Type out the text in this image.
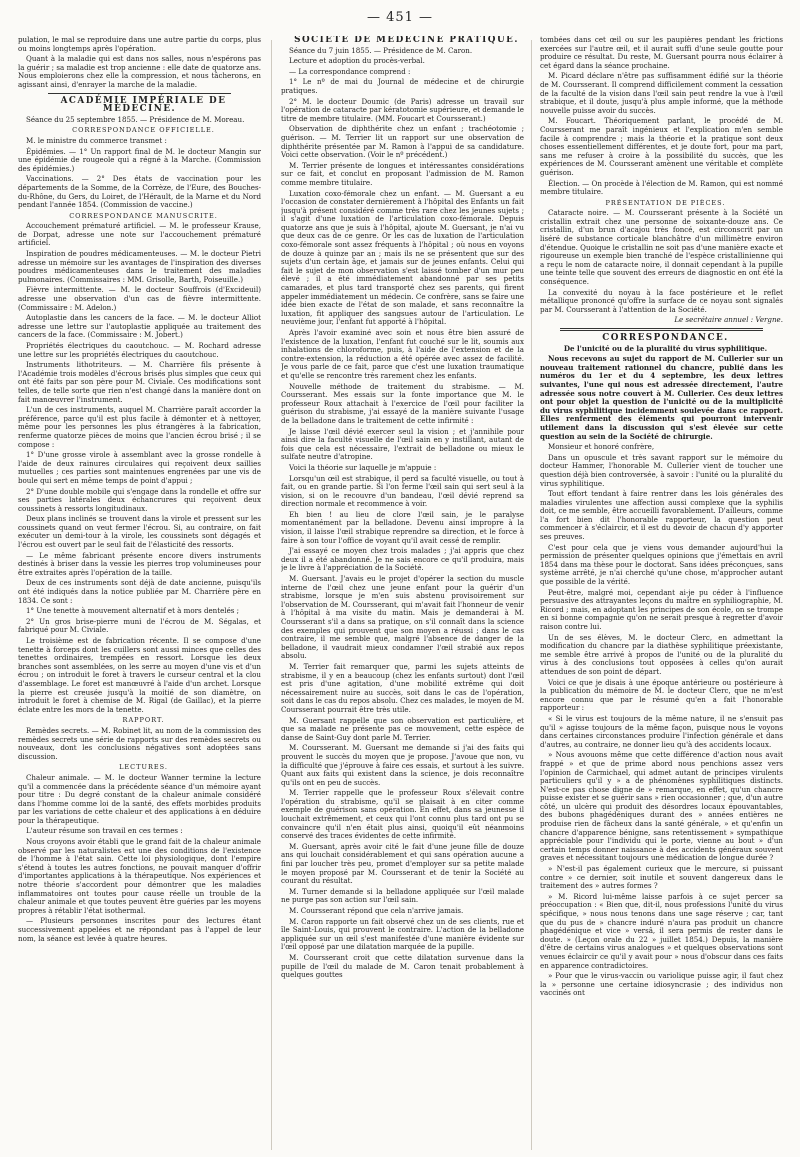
— 451 —

pulation, le mal se reproduire dans une autre partie du corps, plus ou moins longtemps après l'opération.

Quant à la maladie qui est dans nos salles, nous n'espérons pas la guérir ; sa maladie est trop ancienne : elle date de quatorze ans. Nous emploierons chez elle la compression, et nous tâcherons, en agissant ainsi, d'enrayer la marche de la maladie.

ACADÉMIE IMPÉRIALE DE MÉDECINE.

Séance du 25 septembre 1855. — Présidence de M. Moreau.

CORRESPONDANCE OFFICIELLE.

M. le ministre du commerce transmet :

Épidémies. — 1° Un rapport final de M. le docteur Mangin sur une épidémie de rougeole qui a régné à la Marche. (Commission des épidémies.)

Vaccinations. — 2° Des états de vaccination pour les départements de la Somme, de la Corrèze, de l'Eure, des Bouches-du-Rhône, du Gers, du Loiret, de l'Hérault, de la Marne et du Nord pendant l'année 1854. (Commission de vaccine.)

CORRESPONDANCE MANUSCRITE.

Accouchement prématuré artificiel. — M. le professeur Krause, de Dorpat, adresse une note sur l'accouchement prématuré artificiel.

Inspiration de poudres médicamenteuses. — M. le docteur Pietri adresse un mémoire sur les avantages de l'inspiration des diverses poudres médicamenteuses dans le traitement des maladies pulmonaires. (Commissaires : MM. Grisolle, Barth, Poiseuille.)

Fièvre intermittente. — M. le docteur Souffrois (d'Excideuil) adresse une observation d'un cas de fièvre intermittente. (Commissaire : M. Adelon.)

Autoplastie dans les cancers de la face. — M. le docteur Alliot adresse une lettre sur l'autoplastie appliquée au traitement des cancers de la face. (Commissaire : M. Jobert.)

Propriétés électriques du caoutchouc. — M. Rochard adresse une lettre sur les propriétés électriques du caoutchouc.

Instruments lithotriteurs. — M. Charrière fils présente à l'Académie trois modèles d'écrous brisés plus simples que ceux qui ont été faits par son père pour M. Civiale. Ces modifications sont telles, de telle sorte que rien n'est changé dans la manière dont on fait manœuvrer l'instrument.

L'un de ces instruments, auquel M. Charrière paraît accorder la préférence, parce qu'il est plus facile à démonter et à nettoyer, même pour les personnes les plus étrangères à la fabrication, renferme quatorze pièces de moins que l'ancien écrou brisé ; il se compose :

1° D'une grosse virole à assemblant avec la grosse rondelle à l'aide de deux rainures circulaires qui reçoivent deux saillies mutuelles ; ces parties sont maintenues engrenées par une vis de boule qui sert en même temps de point d'appui ;

2° D'une double mobile qui s'engage dans la rondelle et offre sur ses parties latérales deux échancrures qui reçoivent deux coussinets à ressorts longitudinaux.

Deux plans inclinés se trouvent dans la virole et pressent sur les coussinets quand on veut fermer l'écrou. Si, au contraire, on fait exécuter un demi-tour à la virole, les coussinets sont dégagés et l'écrou est ouvert par le seul fait de l'élasticité des ressorts.

— Le même fabricant présente encore divers instruments destinés à briser dans la vessie les pierres trop volumineuses pour être extraites après l'opération de la taille.

Deux de ces instruments sont déjà de date ancienne, puisqu'ils ont été indiqués dans la notice publiée par M. Charrière père en 1834. Ce sont :

1° Une tenette à mouvement alternatif et à mors dentelés ;

2° Un gros brise-pierre muni de l'écrou de M. Ségalas, et fabriqué pour M. Civiale.

Le troisième est de fabrication récente. Il se compose d'une tenette à forceps dont les cuillers sont aussi minces que celles des tenettes ordinaires, trempées en ressort. Lorsque les deux branches sont assemblées, on les serre au moyen d'une vis et d'un écrou ; on introduit le foret à travers le curseur central et la clou d'assemblage. Le foret est manœuvré à l'aide d'un archet. Lorsque la pierre est creusée jusqu'à la moitié de son diamètre, on introduit le foret à chemise de M. Rigal (de Gaillac), et la pierre éclate entre les mors de la tenette.

RAPPORT.

Remèdes secrets. — M. Robinet lit, au nom de la commission des remèdes secrets une série de rapports sur des remèdes secrets ou nouveaux, dont les conclusions négatives sont adoptées sans discussion.

LECTURES.

Chaleur animale. — M. le docteur Wanner termine la lecture qu'il a commencée dans la précédente séance d'un mémoire ayant pour titre : Du degré constant de la chaleur animale considéré dans l'homme comme loi de la santé, des effets morbides produits par les variations de cette chaleur et des applications à en déduire pour la thérapeutique.

L'auteur résume son travail en ces termes :

Nous croyons avoir établi que le grand fait de la chaleur animale observé par les naturalistes est une des conditions de l'existence de l'homme à l'état sain. Cette loi physiologique, dont l'empire s'étend à toutes les autres fonctions, ne pouvait manquer d'offrir d'importantes applications à la thérapeutique. Nos expériences et notre théorie s'accordent pour démontrer que les maladies inflammatoires ont toutes pour cause réelle un trouble de la chaleur animale et que toutes peuvent être guéries par les moyens propres à rétablir l'état isothermal.

— Plusieurs personnes inscrites pour des lectures étant successivement appelées et ne répondant pas à l'appel de leur nom, la séance est levée à quatre heures.

SOCIÉTÉ DE MÉDECINE PRATIQUE.

Séance du 7 juin 1855. — Présidence de M. Caron.

Lecture et adoption du procès-verbal.

— La correspondance comprend :

1° Le nº de mai du Journal de médecine et de chirurgie pratiques.

2° M. le docteur Doumic (de Paris) adresse un travail sur l'opération de cataracte par kératotomie supérieure, et demande le titre de membre titulaire. (MM. Foucart et Coursserant.)

Observation de diphthérite chez un enfant ; trachéotomie ; guérison. — M. Terrier lit un rapport sur une observation de diphthérite présentée par M. Ramon à l'appui de sa candidature. Voici cette observation. (Voir le nº précédent.)

M. Terrier présente de longues et intéressantes considérations sur ce fait, et conclut en proposant l'admission de M. Ramon comme membre titulaire.

Luxation coxo-fémorale chez un enfant. — M. Guersant a eu l'occasion de constater dernièrement à l'hôpital des Enfants un fait jusqu'à présent considéré comme très rare chez les jeunes sujets ; il s'agit d'une luxation de l'articulation coxo-fémorale. Depuis quatorze ans que je suis à l'hôpital, ajoute M. Guersant, je n'ai vu que deux cas de ce genre. Or les cas de luxation de l'articulation coxo-fémorale sont assez fréquents à l'hôpital ; où nous en voyons de douze à quinze par an ; mais ils ne se présentent que sur des sujets d'un certain âge, et jamais sur de jeunes enfants. Celui qui fait le sujet de mon observation s'est laissé tomber d'un mur peu élevé ; il a été immédiatement abandonné par ses petits camarades, et plus tard transporté chez ses parents, qui firent appeler immédiatement un médecin. Ce confrère, sans se faire une idée bien exacte de l'état de son malade, et sans reconnaître la luxation, fit appliquer des sangsues autour de l'articulation. Le neuvième jour, l'enfant fut apporté à l'hôpital.

Après l'avoir examiné avec soin et nous être bien assuré de l'existence de la luxation, l'enfant fut couché sur le lit, soumis aux inhalations de chloroforme, puis, à l'aide de l'extension et de la contre-extension, la réduction a été opérée avec assez de facilité. Je vous parle de ce fait, parce que c'est une luxation traumatique et qu'elle se rencontre très rarement chez les enfants.

Nouvelle méthode de traitement du strabisme. — M. Coursserant. Mes essais sur la fonte importance que M. le professeur Roux attachait à l'exercice de l'œil pour faciliter la guérison du strabisme, j'ai essayé de la manière suivante l'usage de la belladone dans le traitement de cette infirmité :

Je laisse l'œil dévié exercer seul la vision ; et j'annihile pour ainsi dire la faculté visuelle de l'œil sain en y instillant, autant de fois que cela est nécessaire, l'extrait de belladone ou mieux le sulfate neutre d'atropine.

Voici la théorie sur laquelle je m'appuie :

Lorsqu'un œil est strabique, il perd sa faculté visuelle, ou tout à fait, ou en grande partie. Si l'on ferme l'œil sain qui sert seul à la vision, si on le recouvre d'un bandeau, l'œil dévié reprend sa direction normale et recommence à voir.

Eh bien ! au lieu de clore l'œil sain, je le paralyse momentanément par la belladone. Devenu ainsi impropre à la vision, il laisse l'œil strabique reprendre sa direction, et le force à faire à son tour l'office de voyant qu'il avait cessé de remplir.

J'ai essayé ce moyen chez trois malades ; j'ai appris que chez deux il a été abandonné. Je ne sais encore ce qu'il produira, mais je le livre à l'appréciation de la Société.

M. Guersant. J'avais eu le projet d'opérer la section du muscle interne de l'œil chez une jeune enfant pour la guérir d'un strabisme, lorsque je m'en suis abstenu provisoirement sur l'observation de M. Coursserant, qui m'avait fait l'honneur de venir à l'hôpital à ma visite du matin. Mais je demanderai à M. Coursserant s'il a dans sa pratique, on s'il connaît dans la science des exemples qui prouvent que son moyen a réussi ; dans le cas contraire, il me semble que, malgré l'absence de danger de la belladone, il vaudrait mieux condamner l'œil strabié aux repos absolu.

M. Terrier fait remarquer que, parmi les sujets atteints de strabisme, il y en a beaucoup (chez les enfants surtout) dont l'œil est pris d'une agitation, d'une mobilité extrême qui doit nécessairement nuire au succès, soit dans le cas de l'opération, soit dans le cas du repos absolu. Chez ces malades, le moyen de M. Coursserant pourrait être très utile.

M. Guersant rappelle que son observation est particulière, et que sa malade ne présente pas ce mouvement, cette espèce de danse de Saint-Guy dont parle M. Terrier.

M. Coursserant. M. Guersant me demande si j'ai des faits qui prouvent le succès du moyen que je propose. J'avoue que non, vu la difficulté que j'éprouve à faire ces essais, et surtout à les suivre. Quant aux faits qui existent dans la science, je dois reconnaître qu'ils ont en peu de succès.

M. Terrier rappelle que le professeur Roux s'élevait contre l'opération du strabisme, qu'il se plaisait à en citer comme exemple de guérison sans opération. En effet, dans sa jeunesse il louchait extrêmement, et ceux qui l'ont connu plus tard ont pu se convaincre qu'il n'en était plus ainsi, quoiqu'il eût néanmoins conservé des traces évidentes de cette infirmité.

M. Guersant, après avoir cité le fait d'une jeune fille de douze ans qui louchait considérablement et qui sans opération aucune a fini par loucher très peu, promet d'employer sur sa petite malade le moyen proposé par M. Coursserant et de tenir la Société au courant du résultat.

M. Turner demande si la belladone appliquée sur l'œil malade ne purge pas son action sur l'œil sain.

M. Coursserant répond que cela n'arrive jamais.

M. Caron rapporte un fait observé chez un de ses clients, rue et île Saint-Louis, qui prouvent le contraire. L'action de la belladone appliquée sur un œil s'est manifestée d'une manière évidente sur l'œil opposé par une dilatation marquée de la pupille.

M. Coursserant croit que cette dilatation survenue dans la pupille de l'œil du malade de M. Caron tenait probablement à quelques gouttes

tombées dans cet œil ou sur les paupières pendant les frictions exercées sur l'autre œil, et il aurait suffi d'une seule goutte pour produire ce résultat. Du reste, M. Guersant pourra nous éclairer à cet égard dans la séance prochaine.

M. Picard déclare n'être pas suffisamment édifié sur la théorie de M. Coursserant. Il comprend difficilement comment la cessation de la faculté de la vision dans l'œil sain peut rendre la vue à l'œil strabique, et il doute, jusqu'à plus ample informé, que la méthode nouvelle puisse avoir du succès.

M. Foucart. Théoriquement parlant, le procédé de M. Coursserant me paraît ingénieux et l'explication m'en semble facile à comprendre ; mais la théorie et la pratique sont deux choses essentiellement différentes, et je doute fort, pour ma part, sans me refuser à croire à la possibilité du succès, que les expériences de M. Coursserant amènent une véritable et complète guérison.

Élection. — On procède à l'élection de M. Ramon, qui est nommé membre titulaire.

PRÉSENTATION DE PIÈCES.

Cataracte noire. — M. Coursserant présente à la Société un cristallin extrait chez une personne de soixante-douze ans. Ce cristallin, d'un brun d'acajou très foncé, est circonscrit par un liséré de substance corticale blanchâtre d'un millimètre environ d'étendue. Quoique le cristallin ne soit pas d'une manière exacte et rigoureuse un exemple bien tranché de l'espèce cristallinienne qui a reçu le nom de cataracte noire, il donnait cependant à la pupille une teinte telle que souvent des erreurs de diagnostic en ont été la conséquence.

La convexité du noyau à la face postérieure et le reflet métallique prononcé qu'offre la surface de ce noyau sont signalés par M. Coursserant à l'attention de la Société.

Le secrétaire annuel : Vergne.

CORRESPONDANCE.

De l'unicité ou de la pluralité du virus syphilitique.

Nous recevons au sujet du rapport de M. Cullerier sur un nouveau traitement rationnel du chancre, publié dans les numéros du 1er et du 4 septembre, les deux lettres suivantes, l'une qui nous est adressée directement, l'autre adressée sous notre couvert à M. Cullerier. Ces deux lettres ont pour objet la question de l'unicité ou de la multiplicité du virus syphilitique incidemment soulevée dans ce rapport. Elles renferment des éléments qui pourront intervenir utilement dans la discussion qui s'est élevée sur cette question au sein de la Société de chirurgie.

Monsieur et honoré confrère,

Dans un opuscule et très savant rapport sur le mémoire du docteur Hammer, l'honorable M. Cullerier vient de toucher une question déjà bien controversée, à savoir : l'unité ou la pluralité du virus syphilitique.

Tout effort tendant à faire rentrer dans les lois générales des maladies virulentes une affection aussi complexe que la syphilis doit, ce me semble, être accueilli favorablement. D'ailleurs, comme l'a fort bien dit l'honorable rapporteur, la question peut commencer à s'éclaircir, et il est du devoir de chacun d'y apporter ses preuves.

C'est pour cela que je viens vous demander aujourd'hui la permission de présenter quelques opinions que j'émettais en avril 1854 dans ma thèse pour le doctorat. Sans idées préconçues, sans système arrêté, je n'ai cherché qu'une chose, m'approcher autant que possible de la vérité.

Peut-être, malgré moi, cependant ai-je pu céder à l'influence persuasive des attrayantes leçons du maître en syphiliographie, M. Ricord ; mais, en adoptant les principes de son école, on se trompe en si bonne compagnie qu'on ne serait presque à regretter d'avoir raison contre lui.

Un de ses élèves, M. le docteur Clerc, en admettant la modification du chancre par la diathèse syphilitique préexistante, me semble être arrivé à propos de l'unité ou de la pluralité du virus à des conclusions tout opposées à celles qu'on aurait attendues de son point de départ.

Voici ce que je disais à une époque antérieure ou postérieure à la publication du mémoire de M. le docteur Clerc, que ne m'est encore connu que par le résumé qu'en a fait l'honorable rapporteur :

« Si le virus est toujours de la même nature, il ne s'ensuit pas qu'il » agisse toujours de la même façon, puisque nous le voyons dans certaines circonstances produire l'infection générale et dans d'autres, au contraire, ne donner lieu qu'à des accidents locaux.

» Nous avouons même que cette différence d'action nous avait frappé » et que de prime abord nous penchions assez vers l'opinion de Carmichael, qui admet autant de principes virulents particuliers qu'il y » a de phénomènes syphilitiques distincts. N'est-ce pas chose digne de » remarque, en effet, qu'un chancre puisse exister et se guérir sans » rien occasionner ; que, d'un autre côté, un ulcère qui produit des désordres locaux épouvantables, des bubons phagédéniques durant des » années entières ne produise rien de fâcheux dans la santé générale, » et qu'enfin un chancre d'apparence bénigne, sans retentissement » sympathique appréciable pour l'individu qui le porte, vienne au bout » d'un certain temps donner naissance à des accidents généraux souvent graves et nécessitant toujours une médication de longue durée ?

» N'est-il pas également curieux que le mercure, si puissant contre » ce dernier, soit inutile et souvent dangereux dans le traitement des » autres formes ?

» M. Ricord lui-même laisse parfois à ce sujet percer sa préoccupation : « Bien que, dit-il, nous professions l'unité du virus spécifique, » nous nous tenons dans une sage réserve ; car, tant que du pus de » chancre induré n'aura pas produit un chancre phagédénique et vice » versâ, il sera permis de rester dans le doute. » (Leçon orale du 22 » juillet 1854.) Depuis, la manière d'être de certains virus analogues » et quelques observations sont venues éclaircir ce qu'il y avait pour » nous d'obscur dans ces faits en apparence contradictoires.

» Pour que le virus-vaccin ou variolique puisse agir, il faut chez la » personne une certaine idiosyncrasie ; des individus non vaccinés ont
